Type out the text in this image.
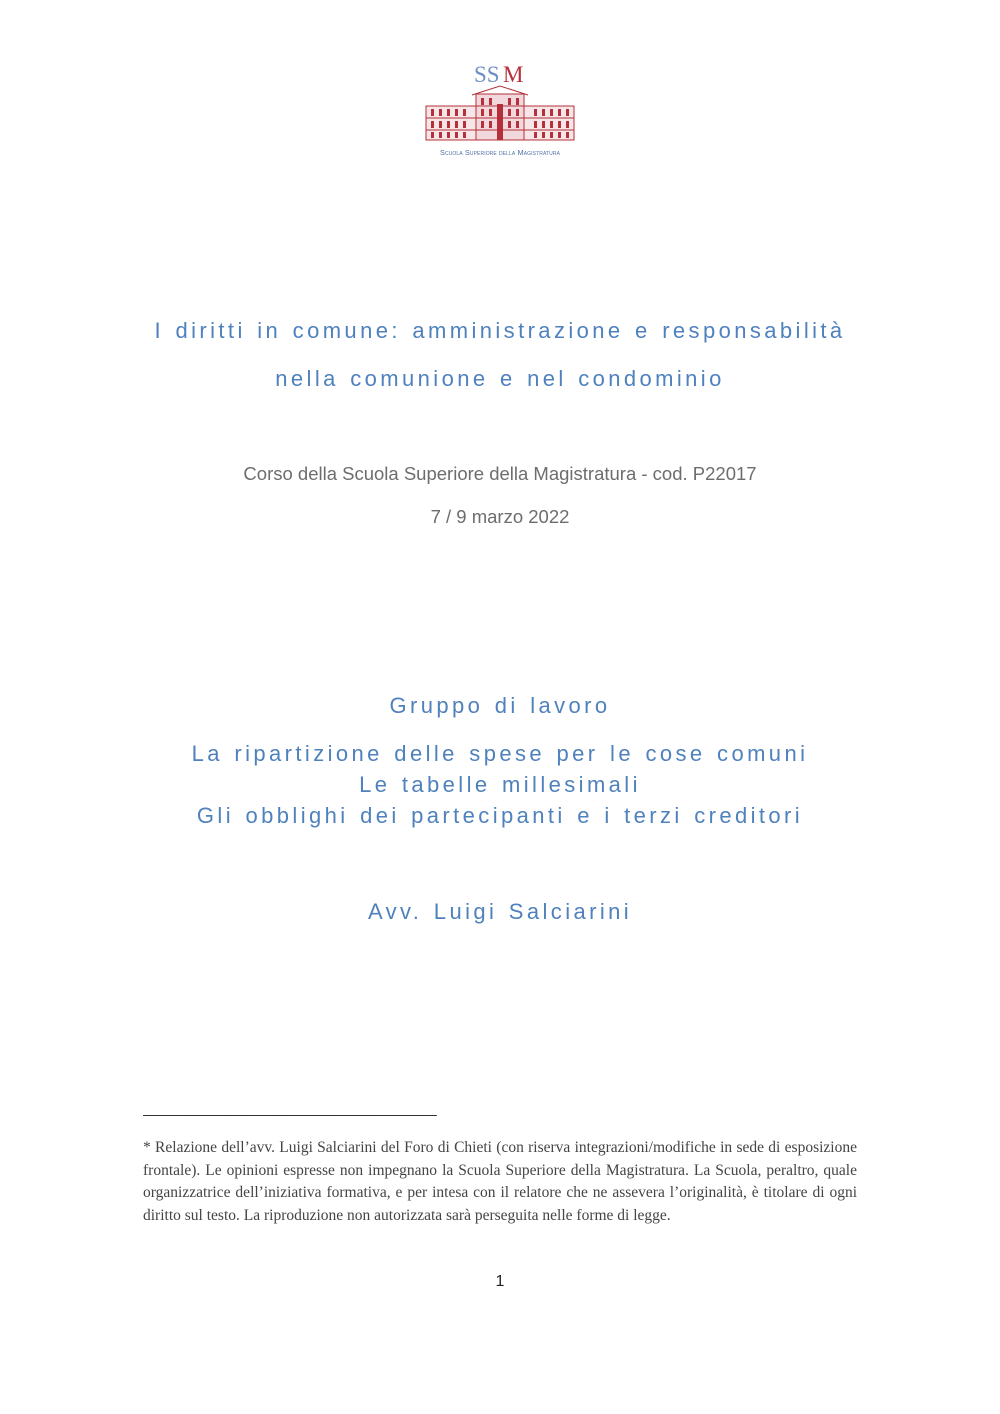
SS M
Scuola Superiore della Magistratura
I diritti in comune: amministrazione e responsabilità
nella comunione e nel condominio
Corso della Scuola Superiore della Magistratura - cod. P22017
7 / 9 marzo 2022
Gruppo di lavoro
La ripartizione delle spese per le cose comuni
Le tabelle millesimali
Gli obblighi dei partecipanti e i terzi creditori
Avv. Luigi Salciarini
_________________________________
* Relazione dell’avv. Luigi Salciarini del Foro di Chieti (con riserva integrazioni/modifiche in sede di esposizione frontale). Le opinioni espresse non impegnano la Scuola Superiore della Magistratura. La Scuola, peraltro, quale organizzatrice dell’iniziativa formativa, e per intesa con il relatore che ne assevera l’originalità, è titolare di ogni diritto sul testo. La riproduzione non autorizzata sarà perseguita nelle forme di legge.
1
